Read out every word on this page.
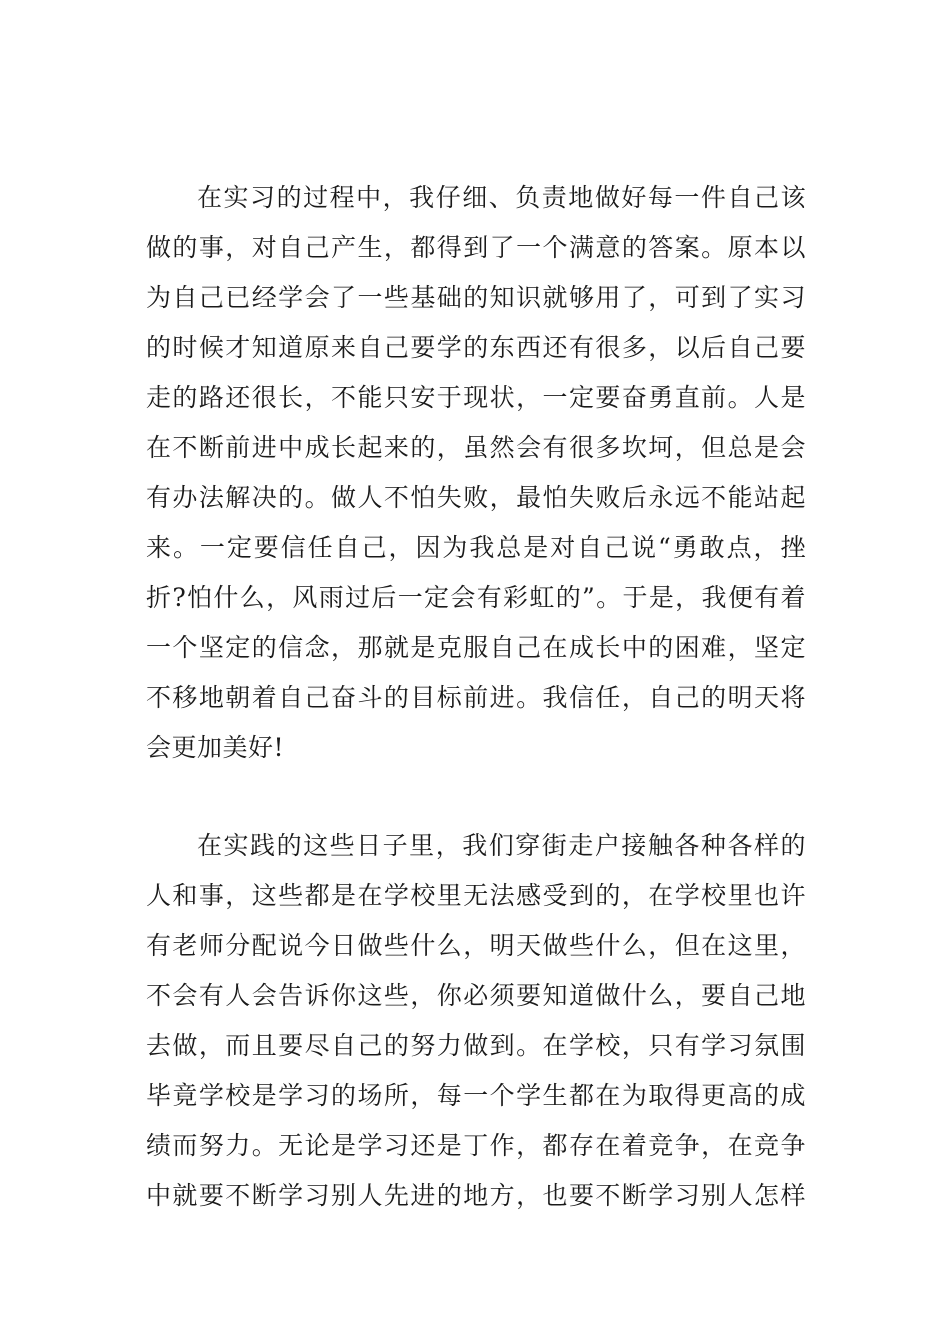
在实习的过程中，我仔细、负责地做好每一件自己该
做的事，对自己产生，都得到了一个满意的答案。原本以
为自己已经学会了一些基础的知识就够用了，可到了实习
的时候才知道原来自己要学的东西还有很多，以后自己要
走的路还很长，不能只安于现状，一定要奋勇直前。人是
在不断前进中成长起来的，虽然会有很多坎坷，但总是会
有办法解决的。做人不怕失败，最怕失败后永远不能站起
来。一定要信任自己，因为我总是对自己说“勇敢点，挫
折?怕什么，风雨过后一定会有彩虹的”。于是，我便有着
一个坚定的信念，那就是克服自己在成长中的困难，坚定
不移地朝着自己奋斗的目标前进。我信任，自己的明天将
会更加美好!
在实践的这些日子里，我们穿街走户接触各种各样的
人和事，这些都是在学校里无法感受到的，在学校里也许
有老师分配说今日做些什么，明天做些什么，但在这里，
不会有人会告诉你这些，你必须要知道做什么，要自己地
去做，而且要尽自己的努力做到。在学校，只有学习氛围
毕竟学校是学习的场所，每一个学生都在为取得更高的成
绩而努力。无论是学习还是丁作，都存在着竞争，在竞争
中就要不断学习别人先进的地方，也要不断学习别人怎样
